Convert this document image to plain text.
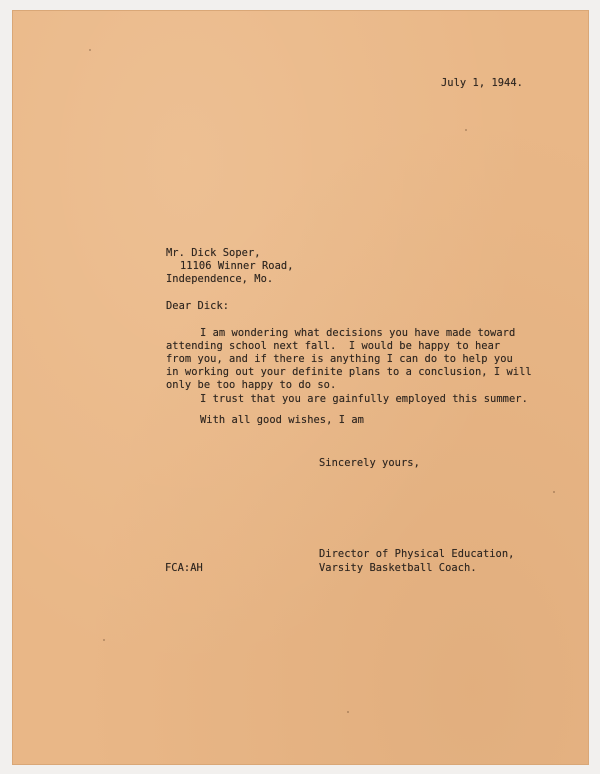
July 1, 1944.
Mr. Dick Soper,
11106 Winner Road,
Independence, Mo.
Dear Dick:
I am wondering what decisions you have made toward
attending school next fall.  I would be happy to hear
from you, and if there is anything I can do to help you
in working out your definite plans to a conclusion, I will
only be too happy to do so.
I trust that you are gainfully employed this summer.
With all good wishes, I am
Sincerely yours,
Director of Physical Education,
Varsity Basketball Coach.
FCA:AH
